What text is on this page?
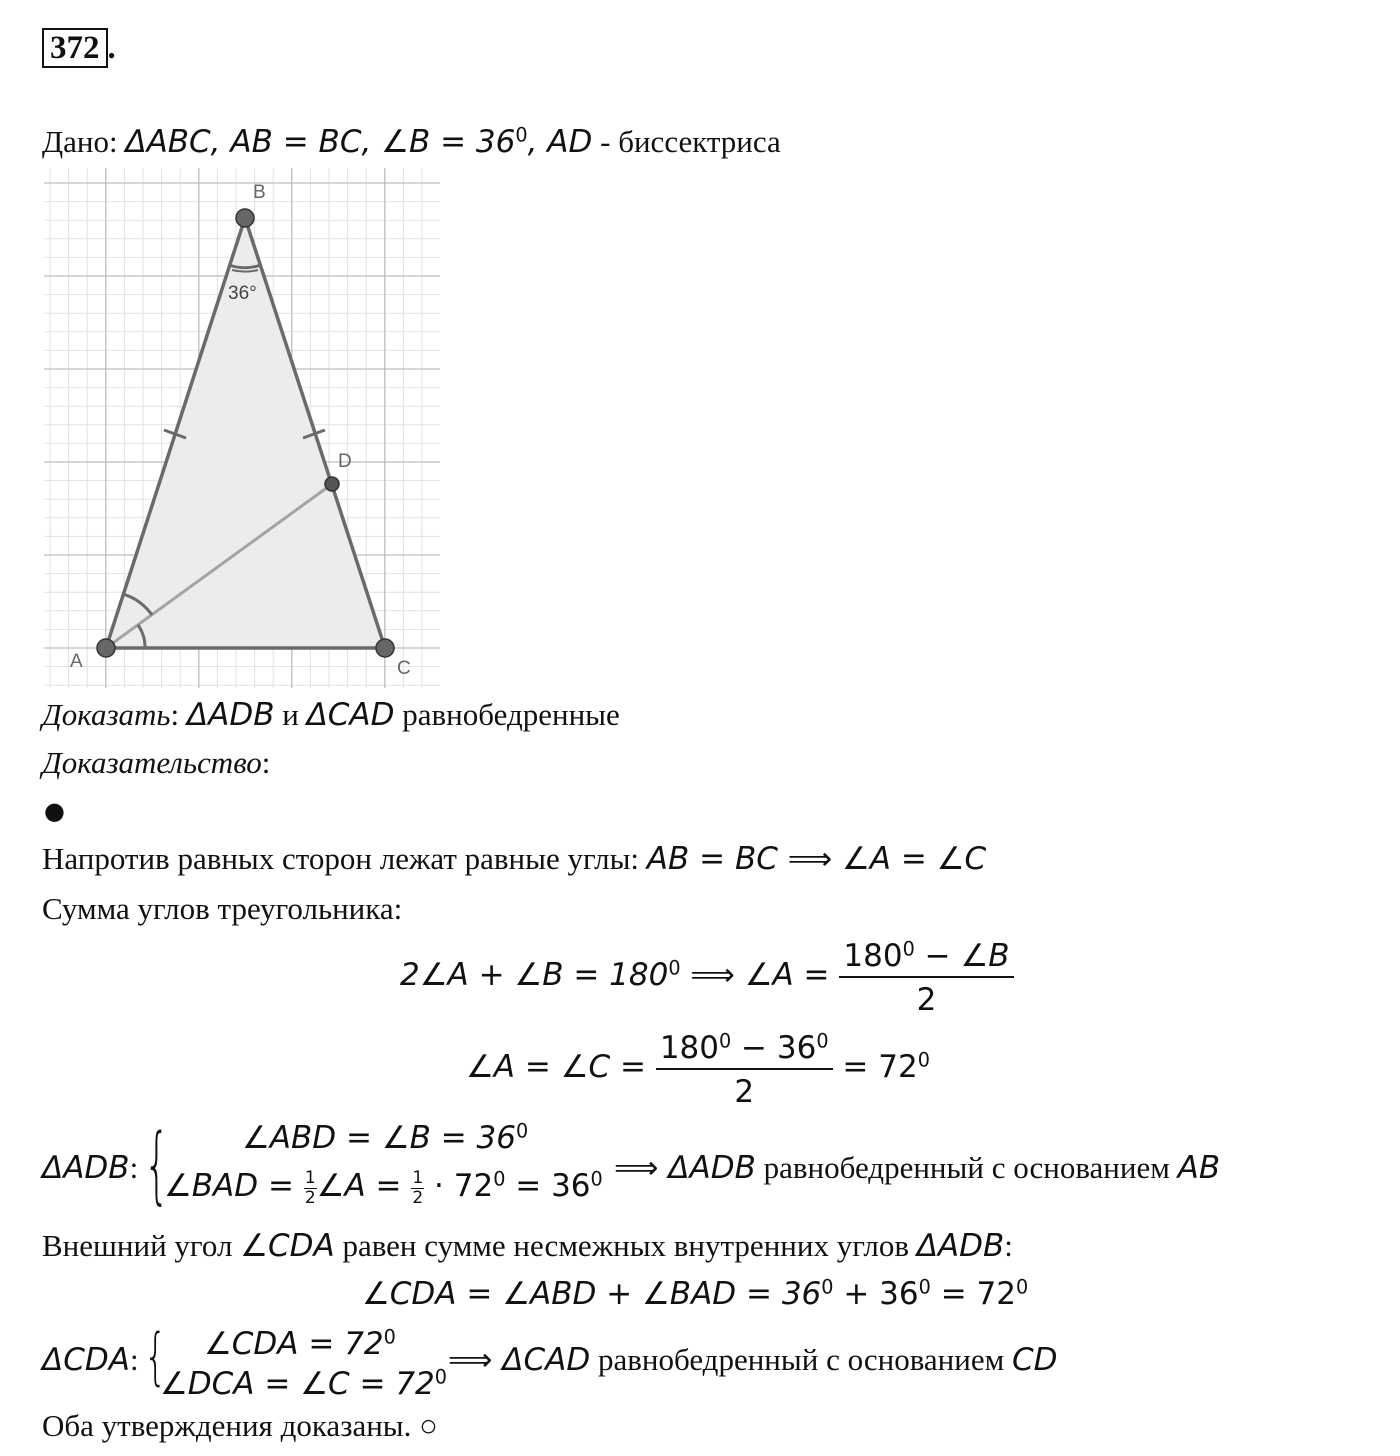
372 .
Дано: ΔABC, AB = BC, ∠B = $36^0$, AD - биссектриса
36°
A
B
C
D
Доказать: ΔADB и ΔCAD равнобедренные
Доказательство:
●
Напротив равных сторон лежат равные углы: AB = BC ⟹ ∠A = ∠C
Сумма углов треугольника:
2∠A + ∠B = $180^0$ ⟹ ∠A = $\frac{180^0 - \angle B}{2}$
∠A = ∠C = $\frac{180^0 - 36^0}{2} = 72^0$
ΔADB: { ∠ABD = ∠B = $36^0$
∠BAD = $\frac{1}{2}$ ∠A = $\frac{1}{2} \cdot 72^0 = 36^0$ ⟹ ΔADB равнобедренный с основанием AB
Внешний угол ∠CDA равен сумме несмежных внутренних углов ΔADB:
∠CDA = ∠ABD + ∠BAD = $36^0 + 36^0 = 72^0$
ΔCDA: { ∠CDA = $72^0$
∠DCA = ∠C = $72^0$ ⟹ ΔCAD равнобедренный с основанием CD
Оба утверждения доказаны. ○
